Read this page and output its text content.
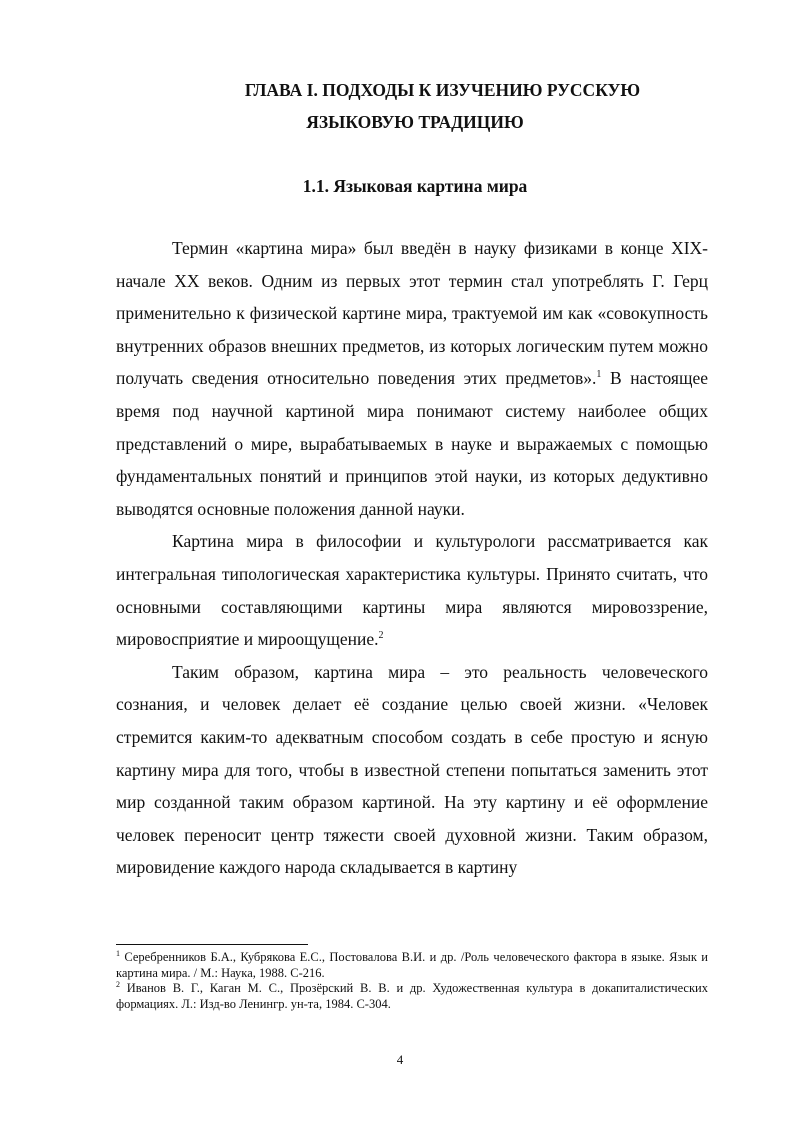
ГЛАВА I. ПОДХОДЫ К ИЗУЧЕНИЮ РУССКУЮ
ЯЗЫКОВУЮ ТРАДИЦИЮ
1.1. Языковая картина мира

Термин «картина мира» был введён в науку физиками в конце XIX- начале XX веков. Одним из первых этот термин стал употреблять Г. Герц применительно к физической картине мира, трактуемой им как «совокупность внутренних образов внешних предметов, из которых логическим путем можно получать сведения относительно поведения этих предметов».$^1$ В настоящее время под научной картиной мира понимают систему наиболее общих представлений о мире, вырабатываемых в науке и выражаемых с помощью фундаментальных понятий и принципов этой науки, из которых дедуктивно выводятся основные положения данной науки.

Картина мира в философии и культурологи рассматривается как интегральная типологическая характеристика культуры. Принято считать, что основными составляющими картины мира являются мировоззрение, мировосприятие и мироощущение.$^2$

Таким образом, картина мира – это реальность человеческого сознания, и человек делает её создание целью своей жизни. «Человек стремится каким-то адекватным способом создать в себе простую и ясную картину мира для того, чтобы в известной степени попытаться заменить этот мир созданной таким образом картиной. На эту картину и её оформление человек переносит центр тяжести своей духовной жизни. Таким образом, мировидение каждого народа складывается в картину

$^1$ Серебренников Б.А., Кубрякова Е.С., Постовалова В.И. и др. /Роль человеческого фактора в языке. Язык и картина мира. / М.: Наука, 1988. С-216.

$^2$ Иванов В. Г., Каган М. С., Прозёрский В. В. и др. Художественная культура в докапиталистических формациях. Л.: Изд-во Ленингр. ун-та, 1984. С-304.

4
